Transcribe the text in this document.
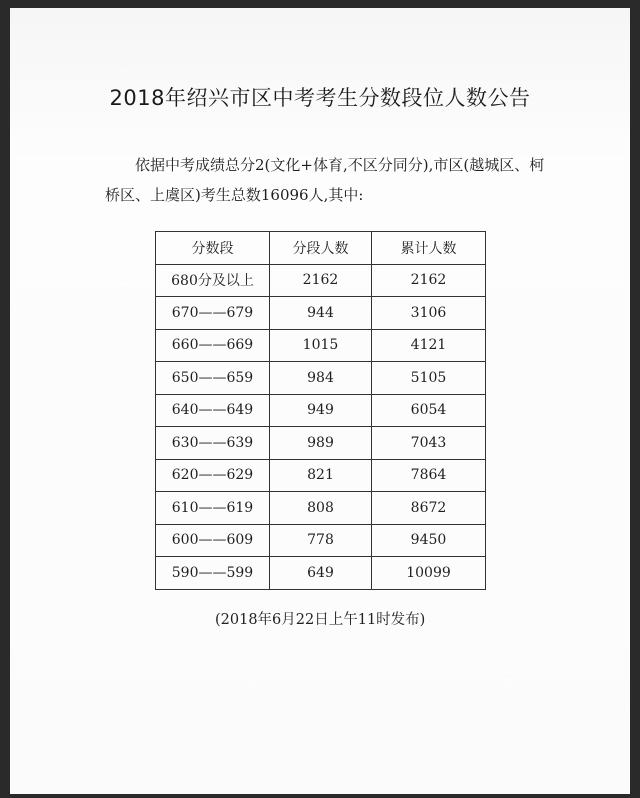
2018年绍兴市区中考考生分数段位人数公告

依据中考成绩总分2(文化+体育,不区分同分),市区(越城区、柯桥区、上虞区)考生总数16096人,其中:

分数段	分段人数	累计人数
680分及以上	2162	2162
670——679	944	3106
660——669	1015	4121
650——659	984	5105
640——649	949	6054
630——639	989	7043
620——629	821	7864
610——619	808	8672
600——609	778	9450
590——599	649	10099
(2018年6月22日上午11时发布)
